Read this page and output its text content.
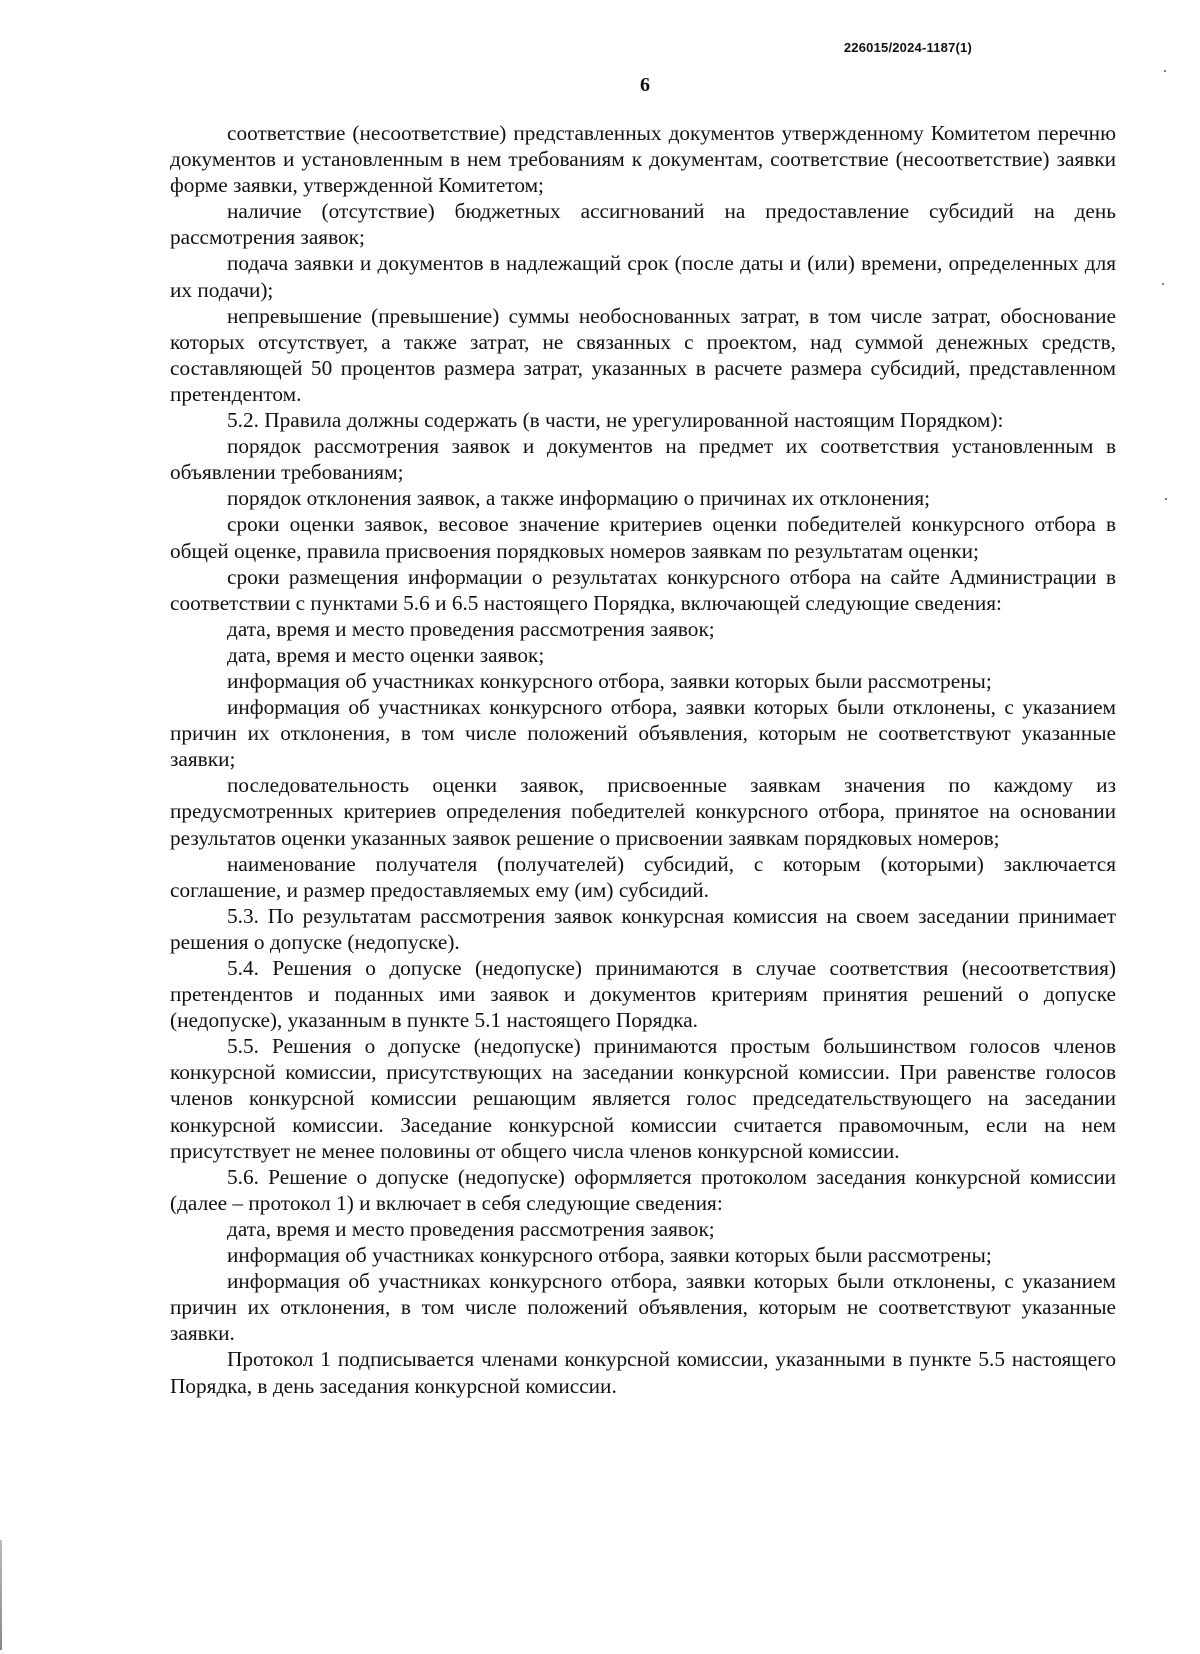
226015/2024-1187(1)
6

соответствие (несоответствие) представленных документов утвержденному Комитетом перечню документов и установленным в нем требованиям к документам, соответствие (несоответствие) заявки форме заявки, утвержденной Комитетом;

наличие (отсутствие) бюджетных ассигнований на предоставление субсидий на день рассмотрения заявок;

подача заявки и документов в надлежащий срок (после даты и (или) времени, определенных для их подачи);

непревышение (превышение) суммы необоснованных затрат, в том числе затрат, обоснование которых отсутствует, а также затрат, не связанных с проектом, над суммой денежных средств, составляющей 50 процентов размера затрат, указанных в расчете размера субсидий, представленном претендентом.

5.2. Правила должны содержать (в части, не урегулированной настоящим Порядком):

порядок рассмотрения заявок и документов на предмет их соответствия установленным в объявлении требованиям;

порядок отклонения заявок, а также информацию о причинах их отклонения;

сроки оценки заявок, весовое значение критериев оценки победителей конкурсного отбора в общей оценке, правила присвоения порядковых номеров заявкам по результатам оценки;

сроки размещения информации о результатах конкурсного отбора на сайте Администрации в соответствии с пунктами 5.6 и 6.5 настоящего Порядка, включающей следующие сведения:

дата, время и место проведения рассмотрения заявок;

дата, время и место оценки заявок;

информация об участниках конкурсного отбора, заявки которых были рассмотрены;

информация об участниках конкурсного отбора, заявки которых были отклонены, с указанием причин их отклонения, в том числе положений объявления, которым не соответствуют указанные заявки;

последовательность оценки заявок, присвоенные заявкам значения по каждому из предусмотренных критериев определения победителей конкурсного отбора, принятое на основании результатов оценки указанных заявок решение о присвоении заявкам порядковых номеров;

наименование получателя (получателей) субсидий, с которым (которыми) заключается соглашение, и размер предоставляемых ему (им) субсидий.

5.3. По результатам рассмотрения заявок конкурсная комиссия на своем заседании принимает решения о допуске (недопуске).

5.4. Решения о допуске (недопуске) принимаются в случае соответствия (несоответствия) претендентов и поданных ими заявок и документов критериям принятия решений о допуске (недопуске), указанным в пункте 5.1 настоящего Порядка.

5.5. Решения о допуске (недопуске) принимаются простым большинством голосов членов конкурсной комиссии, присутствующих на заседании конкурсной комиссии. При равенстве голосов членов конкурсной комиссии решающим является голос председательствующего на заседании конкурсной комиссии. Заседание конкурсной комиссии считается правомочным, если на нем присутствует не менее половины от общего числа членов конкурсной комиссии.

5.6. Решение о допуске (недопуске) оформляется протоколом заседания конкурсной комиссии (далее – протокол 1) и включает в себя следующие сведения:

дата, время и место проведения рассмотрения заявок;

информация об участниках конкурсного отбора, заявки которых были рассмотрены;

информация об участниках конкурсного отбора, заявки которых были отклонены, с указанием причин их отклонения, в том числе положений объявления, которым не соответствуют указанные заявки.

Протокол 1 подписывается членами конкурсной комиссии, указанными в пункте 5.5 настоящего Порядка, в день заседания конкурсной комиссии.
